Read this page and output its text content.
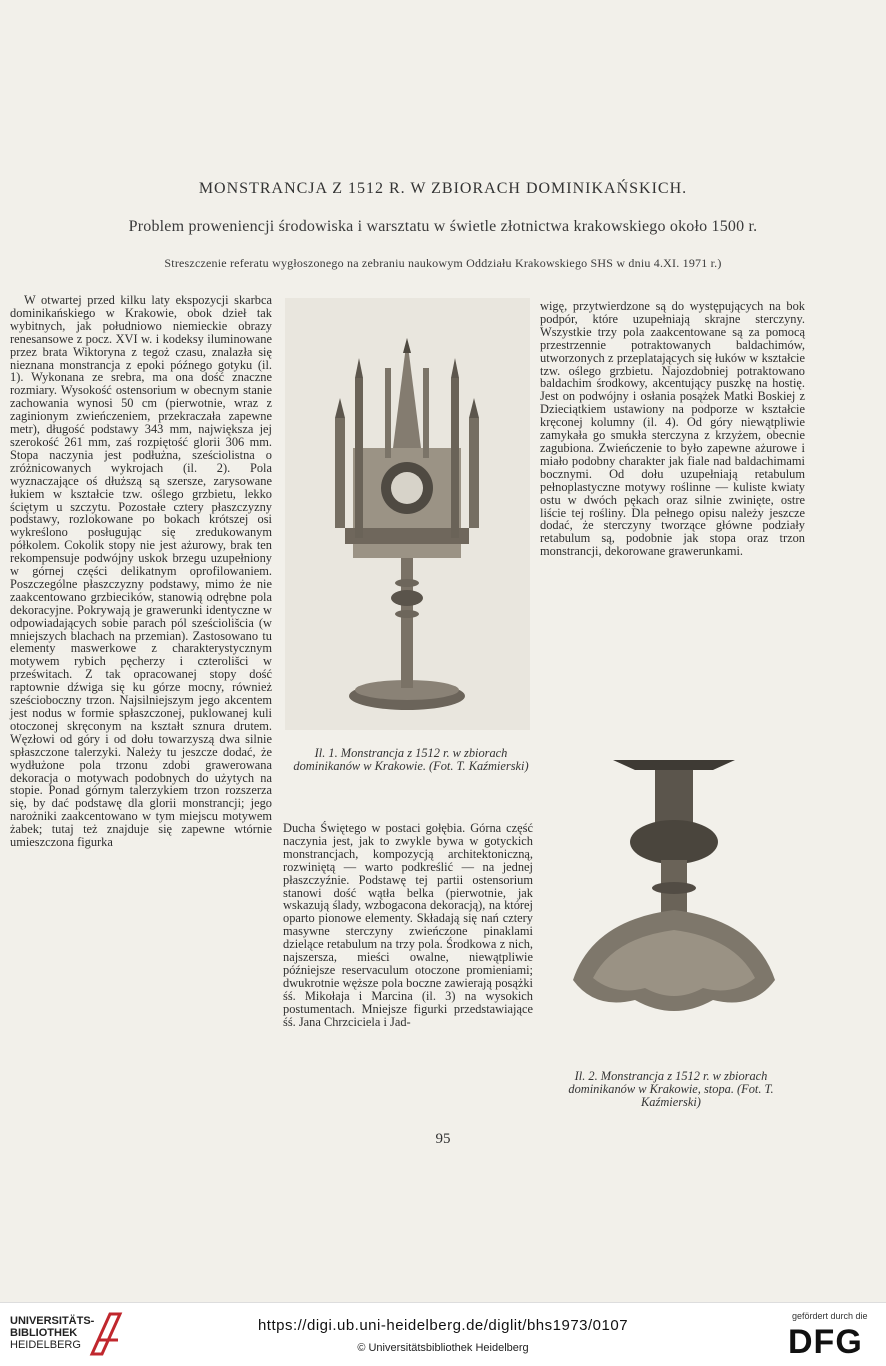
MONSTRANCJA Z 1512 R. W ZBIORACH DOMINIKAŃSKICH.
Problem proweniencji środowiska i warsztatu w świetle złotnictwa krakowskiego około 1500 r.
Streszczenie referatu wygłoszonego na zebraniu naukowym Oddziału Krakowskiego SHS w dniu 4.XI. 1971 r.)

W otwartej przed kilku laty ekspozycji skarbca dominikańskiego w Krakowie, obok dzieł tak wybitnych, jak południowo niemieckie obrazy renesansowe z pocz. XVI w. i kodeksy iluminowane przez brata Wiktoryna z tegoż czasu, znalazła się nieznana monstrancja z epoki późnego gotyku (il. 1). Wykonana ze srebra, ma ona dość znaczne rozmiary. Wysokość ostensorium w obecnym stanie zachowania wynosi 50 cm (pierwotnie, wraz z zaginionym zwieńczeniem, przekraczała zapewne metr), długość podstawy 343 mm, największa jej szerokość 261 mm, zaś rozpiętość glorii 306 mm. Stopa naczynia jest podłużna, sześciolistna o zróżnicowanych wykrojach (il. 2). Pola wyznaczające oś dłuższą są szersze, zarysowane łukiem w kształcie tzw. oślego grzbietu, lekko ściętym u szczytu. Pozostałe cztery płaszczyzny podstawy, rozlokowane po bokach krótszej osi wykreślono posługując się zredukowanym półkolem. Cokolik stopy nie jest ażurowy, brak ten rekompensuje podwójny uskok brzegu uzupełniony w górnej części delikatnym oprofilowaniem. Poszczególne płaszczyzny podstawy, mimo że nie zaakcentowano grzbiecików, stanowią odrębne pola dekoracyjne. Pokrywają je grawerunki identyczne w odpowiadających sobie parach pól sześciolišcia (w mniejszych blachach na przemian). Zastosowano tu elementy maswerkowe z charakterystycznym motywem rybich pęcherzy i czterolišci w prześwitach. Z tak opracowanej stopy dość raptownie dźwiga się ku górze mocny, również sześcioboczny trzon. Najsilniejszym jego akcentem jest nodus w formie spłaszczonej, puklowanej kuli otoczonej skręconym na kształt sznura drutem. Węzłowi od góry i od dołu towarzyszą dwa silnie spłaszczone talerzyki. Należy tu jeszcze dodać, że wydłużone pola trzonu zdobi grawerowana dekoracja o motywach podobnych do użytych na stopie. Ponad górnym talerzykiem trzon rozszerza się, by dać podstawę dla glorii monstrancji; jego narożniki zaakcentowano w tym miejscu motywem żabek; tutaj też znajduje się zapewne wtórnie umieszczona figurka

Il. 1. Monstrancja z 1512 r. w zbiorach dominikanów w Krakowie. (Fot. T. Kaźmierski)

Ducha Świętego w postaci gołębia. Górna część naczynia jest, jak to zwykle bywa w gotyckich monstrancjach, kompozycją architektoniczną, rozwiniętą — warto podkreślić — na jednej płaszczyźnie. Podstawę tej partii ostensorium stanowi dość wątła belka (pierwotnie, jak wskazują ślady, wzbogacona dekoracją), na której oparto pionowe elementy. Składają się nań cztery masywne sterczyny zwieńczone pinaklami dzielące retabulum na trzy pola. Środkowa z nich, najszersza, mieści owalne, niewątpliwie późniejsze reservaculum otoczone promieniami; dwukrotnie węższe pola boczne zawierają posążki śś. Mikołaja i Marcina (il. 3) na wysokich postumentach. Mniejsze figurki przedstawiające śś. Jana Chrzciciela i Jad-

wigę, przytwierdzone są do występujących na bok podpór, które uzupełniają skrajne sterczyny. Wszystkie trzy pola zaakcentowane są za pomocą przestrzennie potraktowanych baldachimów, utworzonych z przeplatających się łuków w kształcie tzw. oślego grzbietu. Najozdobniej potraktowano baldachim środkowy, akcentujący puszkę na hostię. Jest on podwójny i osłania posążek Matki Boskiej z Dzieciątkiem ustawiony na podporze w kształcie kręconej kolumny (il. 4). Od góry niewątpliwie zamykała go smukła sterczyna z krzyżem, obecnie zagubiona. Zwieńczenie to było zapewne ażurowe i miało podobny charakter jak fiale nad baldachimami bocznymi. Od dołu uzupełniają retabulum pełnoplastyczne motywy roślinne — kuliste kwiaty ostu w dwóch pękach oraz silnie zwinięte, ostre liście tej rośliny. Dla pełnego opisu należy jeszcze dodać, że sterczyny tworzące główne podziały retabulum są, podobnie jak stopa oraz trzon monstrancji, dekorowane grawerunkami.

Il. 2. Monstrancja z 1512 r. w zbiorach dominikanów w Krakowie, stopa. (Fot. T. Kaźmierski)
95
UNIVERSITÄTS-
BIBLIOTHEK
HEIDELBERG
https://digi.ub.uni-heidelberg.de/diglit/bhs1973/0107
© Universitätsbibliothek Heidelberg
gefördert durch die
DFG
